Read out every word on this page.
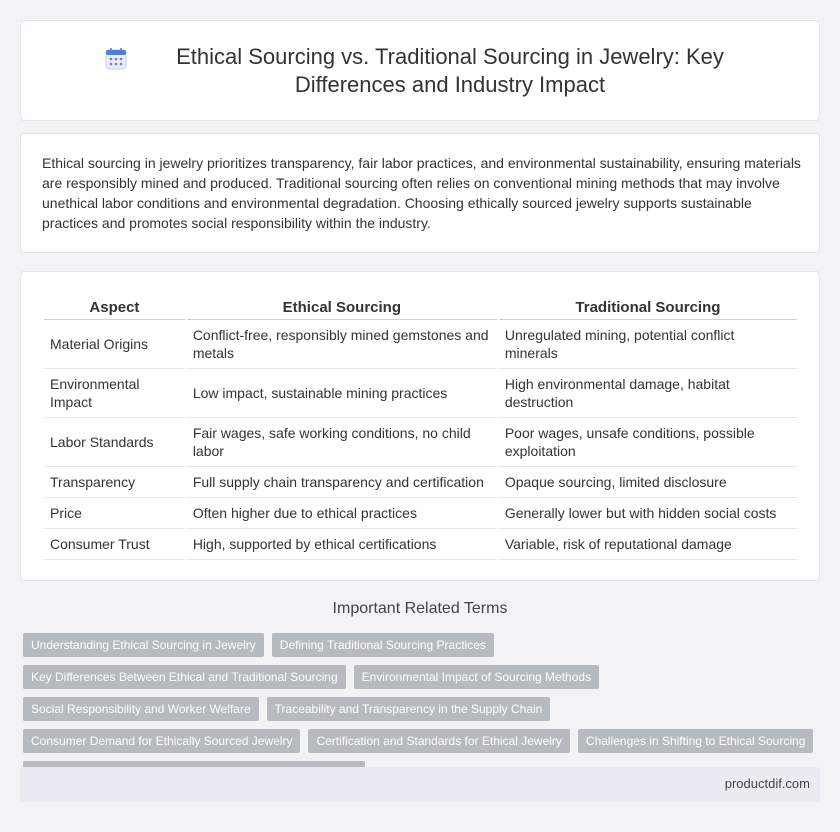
Ethical Sourcing vs. Traditional Sourcing in Jewelry: Key Differences and Industry Impact

Ethical sourcing in jewelry prioritizes transparency, fair labor practices, and environmental sustainability, ensuring materials are responsibly mined and produced. Traditional sourcing often relies on conventional mining methods that may involve unethical labor conditions and environmental degradation. Choosing ethically sourced jewelry supports sustainable practices and promotes social responsibility within the industry.

Aspect	Ethical Sourcing	Traditional Sourcing
Material Origins	Conflict-free, responsibly mined gemstones and metals	Unregulated mining, potential conflict minerals
Environmental Impact	Low impact, sustainable mining practices	High environmental damage, habitat destruction
Labor Standards	Fair wages, safe working conditions, no child labor	Poor wages, unsafe conditions, possible exploitation
Transparency	Full supply chain transparency and certification	Opaque sourcing, limited disclosure
Price	Often higher due to ethical practices	Generally lower but with hidden social costs
Consumer Trust	High, supported by ethical certifications	Variable, risk of reputational damage
Important Related Terms
Understanding Ethical Sourcing in Jewelry	Defining Traditional Sourcing Practices
Key Differences Between Ethical and Traditional Sourcing	Environmental Impact of Sourcing Methods
Social Responsibility and Worker Welfare	Traceability and Transparency in the Supply Chain
Consumer Demand for Ethically Sourced Jewelry	Certification and Standards for Ethical Jewelry	Challenges in Shifting to Ethical Sourcing
productdif.com
